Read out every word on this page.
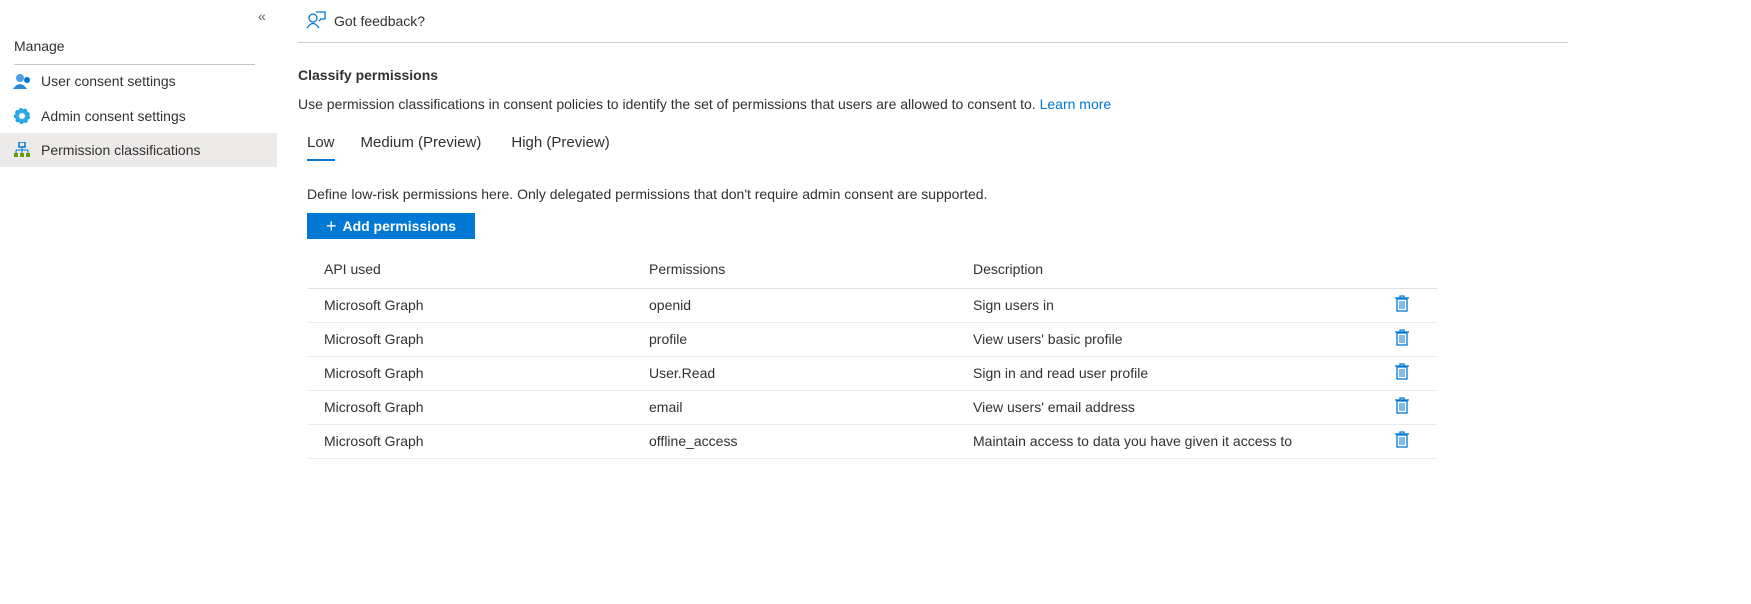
«
Manage
User consent settings
Admin consent settings
Permission classifications
Got feedback?
Classify permissions
Use permission classifications in consent policies to identify the set of permissions that users are allowed to consent to. Learn more
Low Medium (Preview) High (Preview)
Define low-risk permissions here. Only delegated permissions that don't require admin consent are supported.
+ Add permissions
API used	Permissions	Description	
Microsoft Graph	openid	Sign users in	
Microsoft Graph	profile	View users' basic profile	
Microsoft Graph	User.Read	Sign in and read user profile	
Microsoft Graph	email	View users' email address	
Microsoft Graph	offline_access	Maintain access to data you have given it access to	
